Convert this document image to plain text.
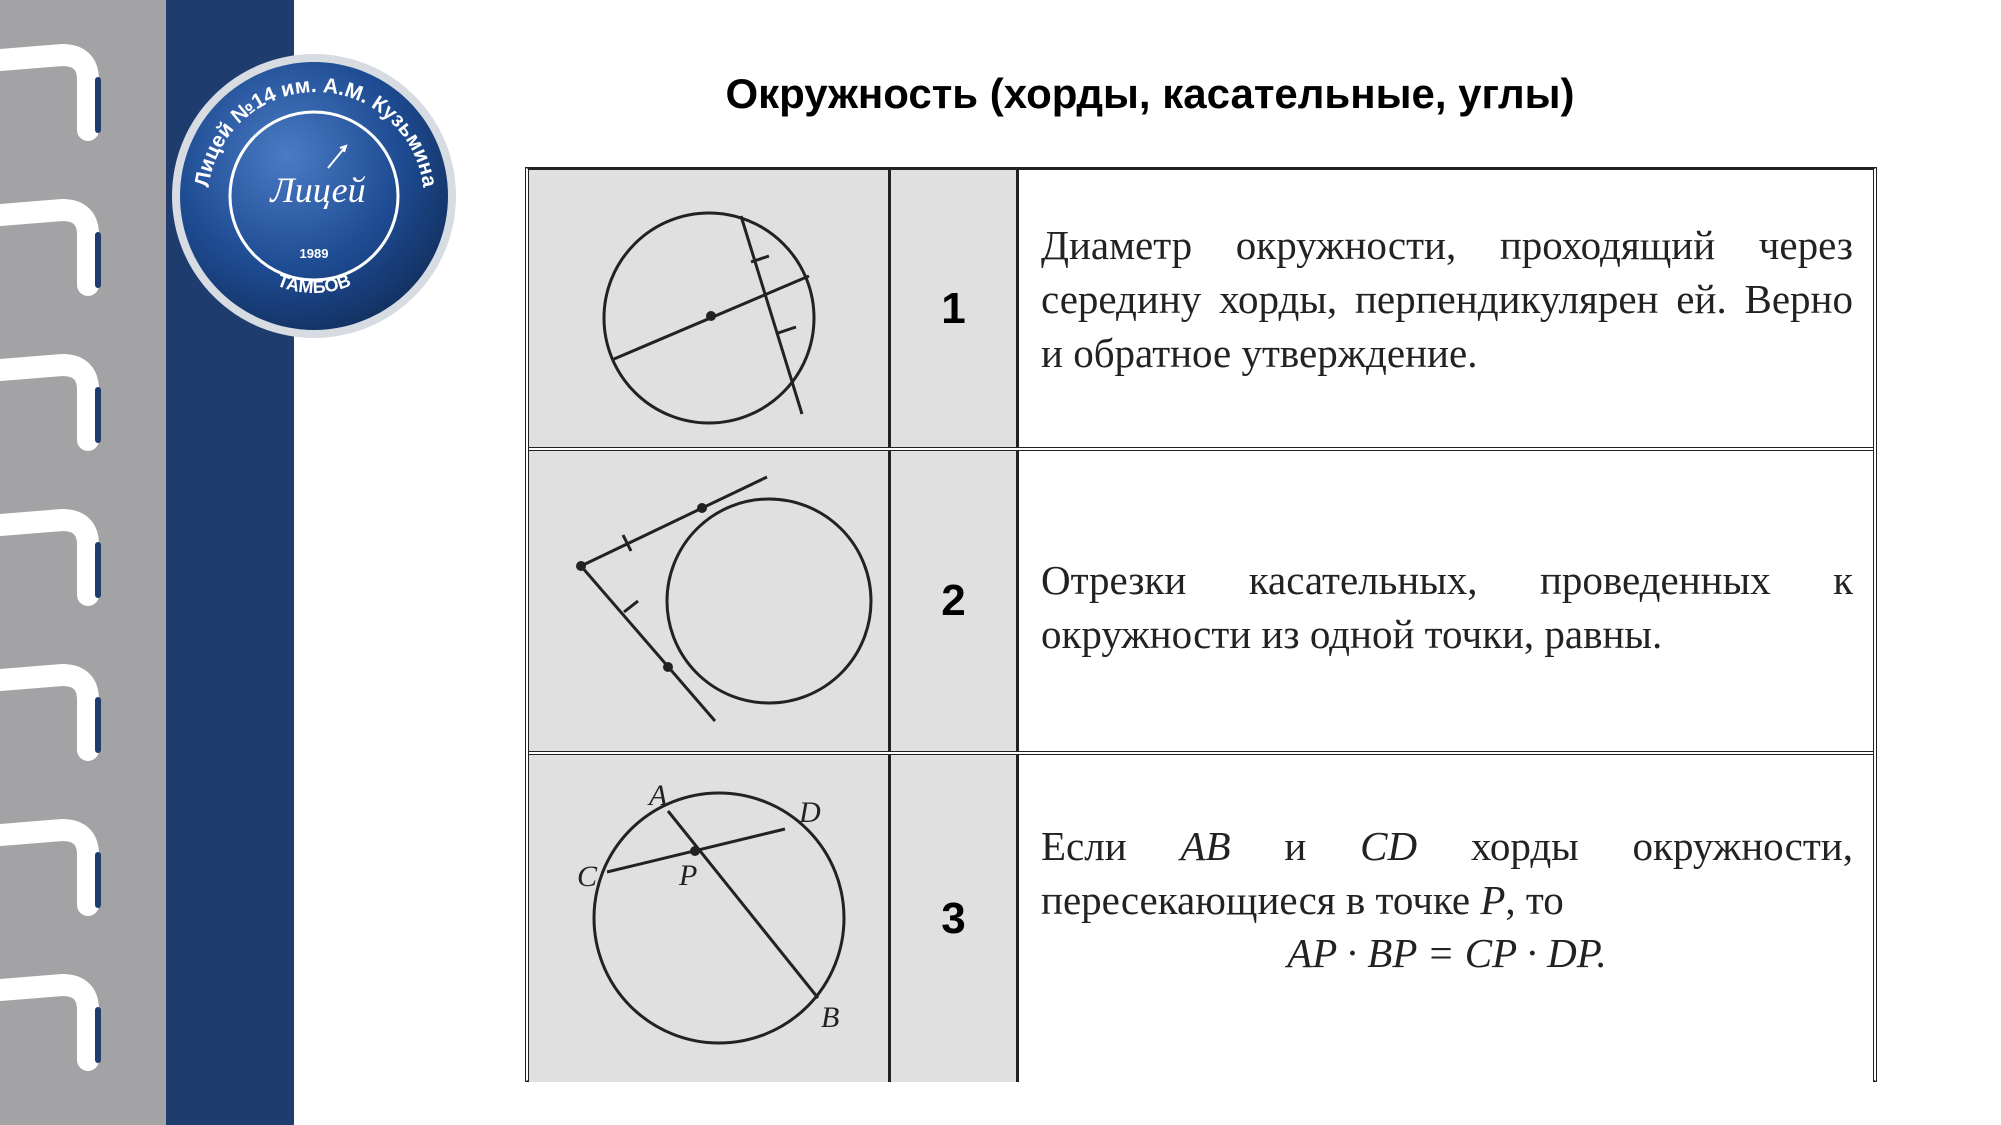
Лицей №14 им. А.М. Кузьмина
ТАМБОВ
Лицей
1989
Окружность (хорды, касательные, углы)
1
Диаметр окружности, проходящий через середину хорды, перпендикулярен ей. Верно и обратное утверждение.
2	Отрезки касательных, проведенных к окружности из одной точки, равны.
A
D
C	P
B
3
Если AB и CD хорды окружности, пересекающиеся в точке P, то
AP · BP = CP · DP.
